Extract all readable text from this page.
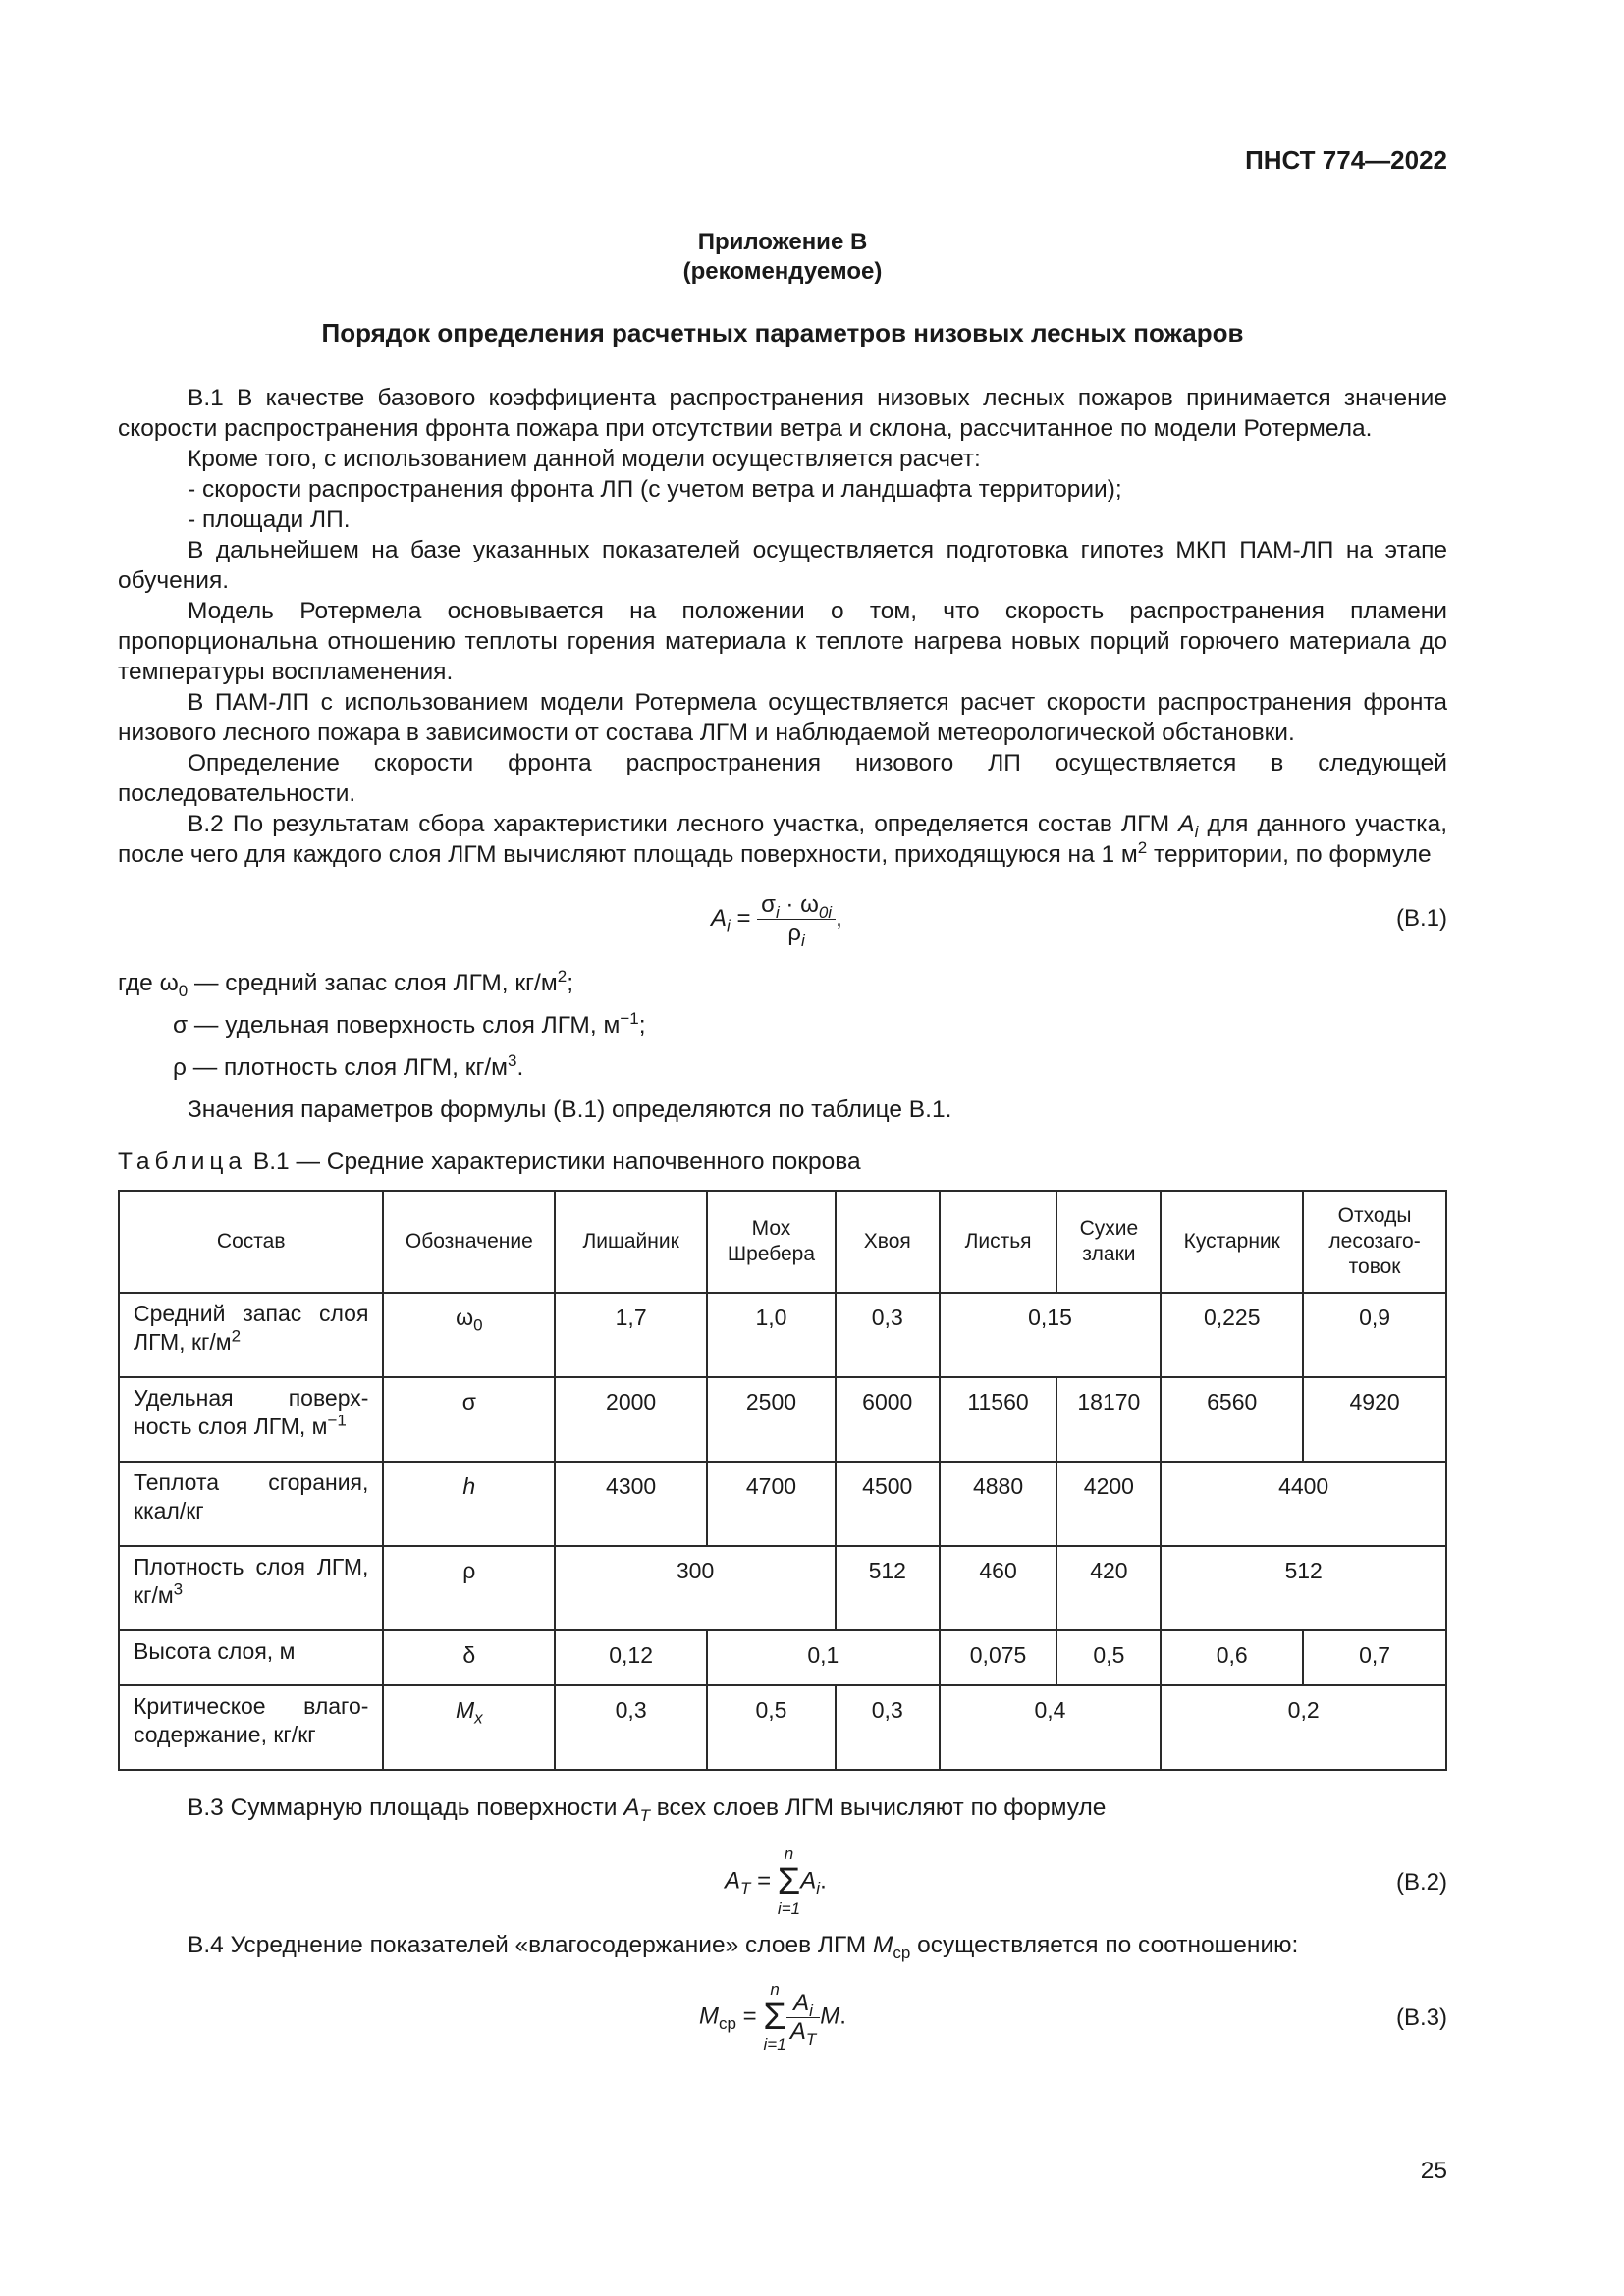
ПНСТ 774—2022
Приложение В
(рекомендуемое)
Порядок определения расчетных параметров низовых лесных пожаров

В.1 В качестве базового коэффициента распространения низовых лесных пожаров принимается значение скорости распространения фронта пожара при отсутствии ветра и склона, рассчитанное по модели Ротермела.

Кроме того, с использованием данной модели осуществляется расчет:

- скорости распространения фронта ЛП (с учетом ветра и ландшафта территории);

- площади ЛП.

В дальнейшем на базе указанных показателей осуществляется подготовка гипотез МКП ПАМ-ЛП на этапе обучения.

Модель Ротермела основывается на положении о том, что скорость распространения пламени пропорциональна отношению теплоты горения материала к теплоте нагрева новых порций горючего материала до температуры воспламенения.

В ПАМ-ЛП с использованием модели Ротермела осуществляется расчет скорости распространения фронта низового лесного пожара в зависимости от состава ЛГМ и наблюдаемой метеорологической обстановки.

Определение скорости фронта распространения низового ЛП осуществляется в следующей последовательности.

В.2 По результатам сбора характеристики лесного участка, определяется состав ЛГМ $A_i$ для данного участка, после чего для каждого слоя ЛГМ вычисляют площадь поверхности, приходящуюся на 1 $м^2$ территории, по формуле

$A_i = \frac{\sigma_i \cdot \omega_{0i}}{\rho_i}$ ,	(В.1)
где $\omega_0$ — средний запас слоя ЛГМ, $кг/м^2$;
σ — удельная поверхность слоя ЛГМ, $м^{-1}$;
ρ — плотность слоя ЛГМ, $кг/м^3$.
Значения параметров формулы (В.1) определяются по таблице В.1.
Таблица В.1 — Средние характеристики напочвенного покрова
Состав	Обозначение	Лишайник	Мох Шребера	Хвоя	Листья	Сухие злаки	Кустарник	Отходы лесозаго-товок
Средний запас слоя ЛГМ, $кг/м^2$	$\omega_0$	1,7	1,0	0,3	0,15		0,225	0,9
Удельная поверх-ность слоя ЛГМ, $м^{-1}$	σ	2000	2500	6000	11560	18170	6560	4920
Теплота сгорания, ккал/кг	h	4300	4700	4500	4880	4200	4400	
Плотность слоя ЛГМ, $кг/м^3$	ρ	300		512	460	420	512	
Высота слоя, м	δ	0,12	0,1		0,075	0,5	0,6	0,7
Критическое влаго-содержание, кг/кг	$M_x$	0,3	0,5	0,3	0,4		0,2	
В.3 Суммарную площадь поверхности $A_T$ всех слоев ЛГМ вычисляют по формуле
$A_T$ =
n
Σ
i=1
$A_i$.	(В.2)
В.4 Усреднение показателей «влагосодержание» слоев ЛГМ $M_{ср}$ осуществляется по соотношению:
$M_{ср}$ =
n
Σ
$i=1 \frac{A_i}{A_T} M$.	(В.3)
25
